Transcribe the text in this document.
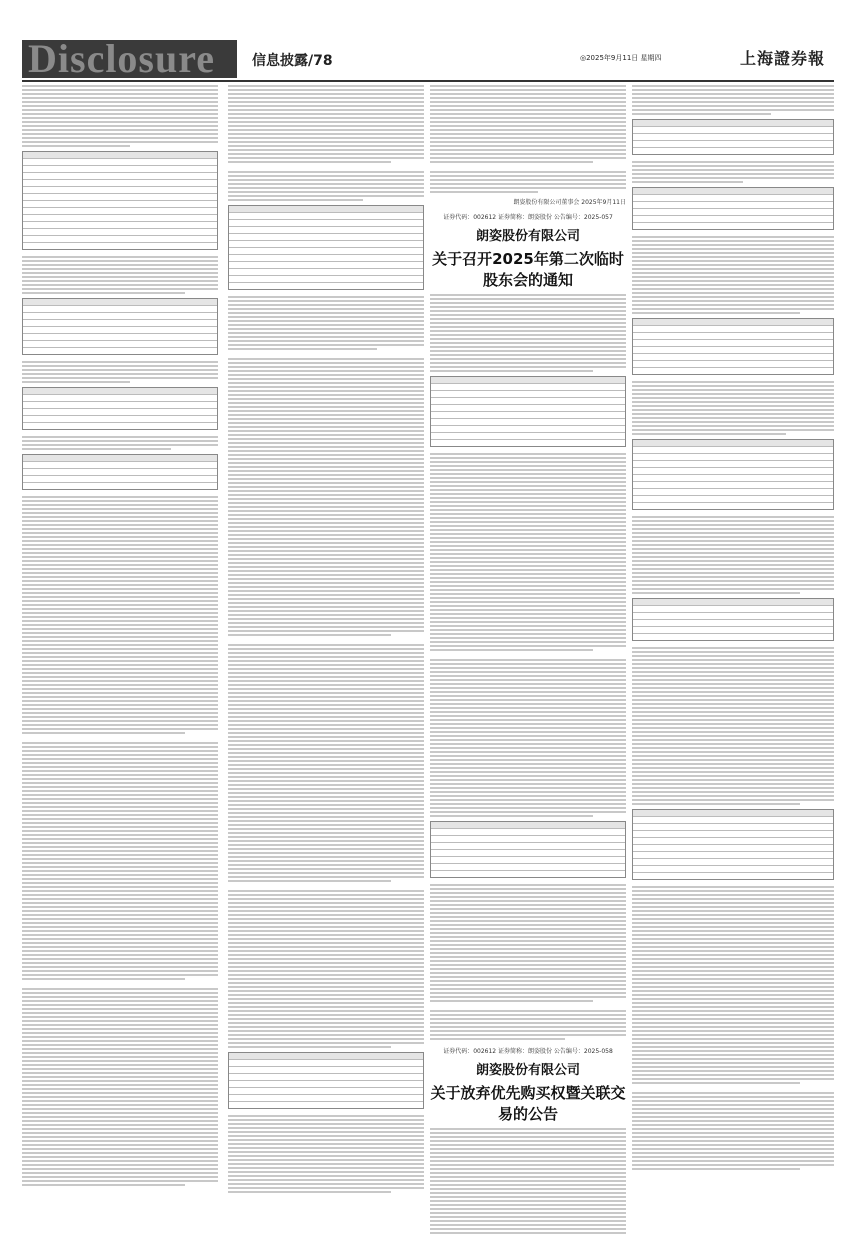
Disclosure	信息披露/78	◎2025年9月11日 星期四	上海證券報
朗姿股份有限公司董事会 2025年9月11日
证券代码：002612 证券简称：朗姿股份 公告编号：2025-057
朗姿股份有限公司
关于召开2025年第二次临时股东会的通知
证券代码：002612 证券简称：朗姿股份 公告编号：2025-058
朗姿股份有限公司
关于放弃优先购买权暨关联交易的公告
